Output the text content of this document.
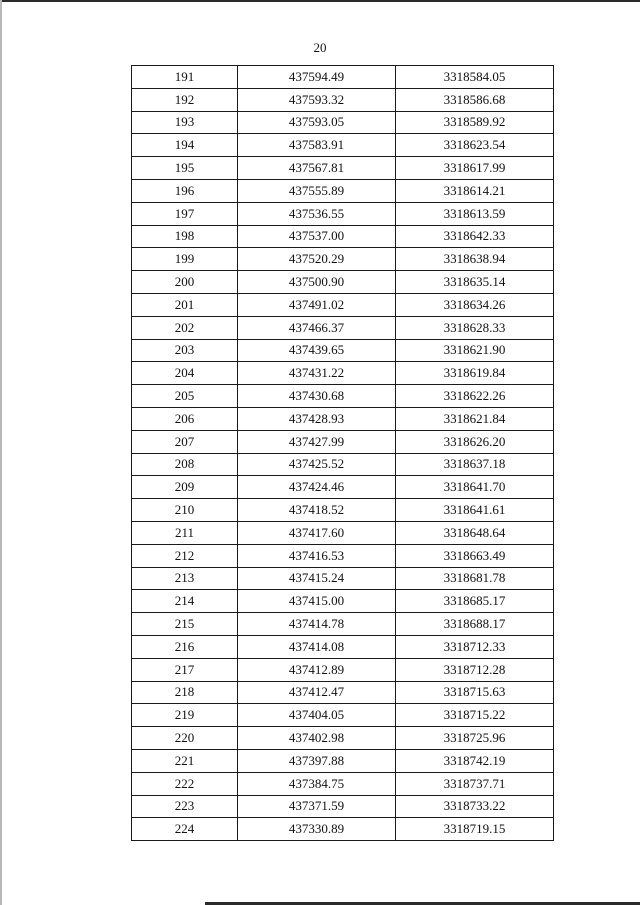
20
191	437594.49	3318584.05
192	437593.32	3318586.68
193	437593.05	3318589.92
194	437583.91	3318623.54
195	437567.81	3318617.99
196	437555.89	3318614.21
197	437536.55	3318613.59
198	437537.00	3318642.33
199	437520.29	3318638.94
200	437500.90	3318635.14
201	437491.02	3318634.26
202	437466.37	3318628.33
203	437439.65	3318621.90
204	437431.22	3318619.84
205	437430.68	3318622.26
206	437428.93	3318621.84
207	437427.99	3318626.20
208	437425.52	3318637.18
209	437424.46	3318641.70
210	437418.52	3318641.61
211	437417.60	3318648.64
212	437416.53	3318663.49
213	437415.24	3318681.78
214	437415.00	3318685.17
215	437414.78	3318688.17
216	437414.08	3318712.33
217	437412.89	3318712.28
218	437412.47	3318715.63
219	437404.05	3318715.22
220	437402.98	3318725.96
221	437397.88	3318742.19
222	437384.75	3318737.71
223	437371.59	3318733.22
224	437330.89	3318719.15
